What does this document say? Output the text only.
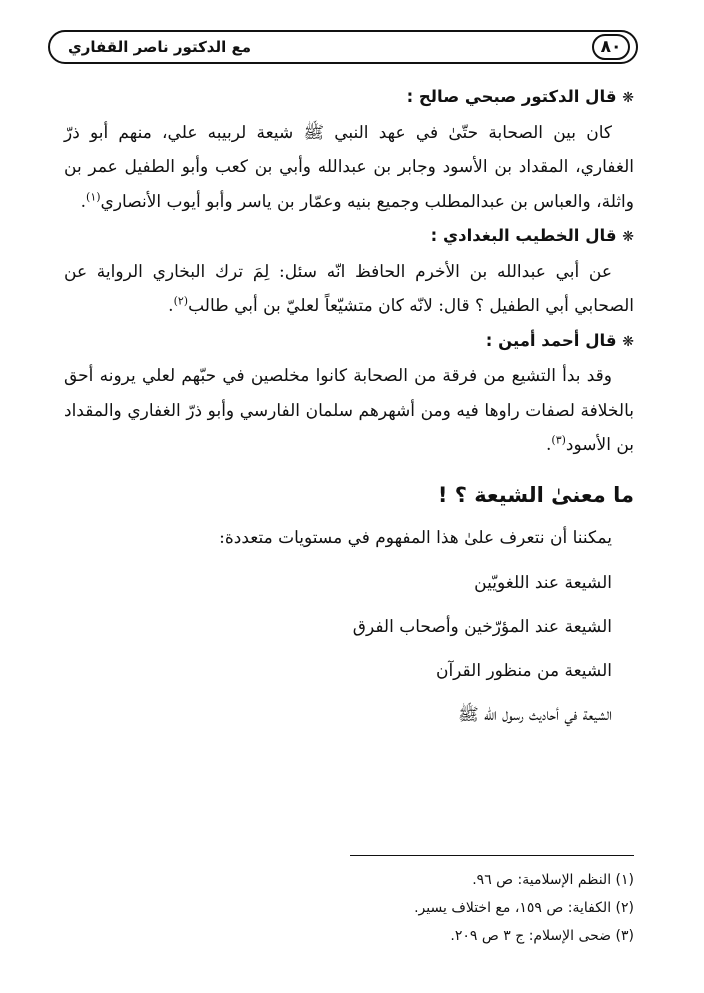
٨٠
مع الدكتور ناصر القفاري

❋ قال الدكتور صبحي صالح :

كان بين الصحابة حتّىٰ في عهد النبي ﷺ شيعة لربيبه علي، منهم أبو ذرّ الغفاري، المقداد بن الأسود وجابر بن عبدالله وأبي بن كعب وأبو الطفيل عمر بن واثلة، والعباس بن عبدالمطلب وجميع بنيه وعمّار بن ياسر وأبو أيوب الأنصاري$^{(١)}$.

❋ قال الخطيب البغدادي :

عن أبي عبدالله بن الأخرم الحافظ انّه سئل: لِمَ ترك البخاري الرواية عن الصحابي أبي الطفيل ؟ قال: لانّه كان متشيّعاً لعليّ بن أبي طالب$^{(٢)}$.

❋ قال أحمد أمين :

وقد بدأ التشيع من فرقة من الصحابة كانوا مخلصين في حبّهم لعلي يرونه أحق بالخلافة لصفات راوها فيه ومن أشهرهم سلمان الفارسي وأبو ذرّ الغفاري والمقداد بن الأسود$^{(٣)}$.

ما معنىٰ الشيعة ؟ !

يمكننا أن نتعرف علىٰ هذا المفهوم في مستويات متعددة:

الشيعة عند اللغويّين
الشيعة عند المؤرّخين وأصحاب الفرق
الشيعة من منظور القرآن
الشيعة في أحاديث رسول الله ﷺ
(١) النظم الإسلامية: ص ٩٦.
(٢) الكفاية: ص ١٥٩، مع اختلاف يسير.
(٣) ضحى الإسلام: ج ٣ ص ٢٠٩.
